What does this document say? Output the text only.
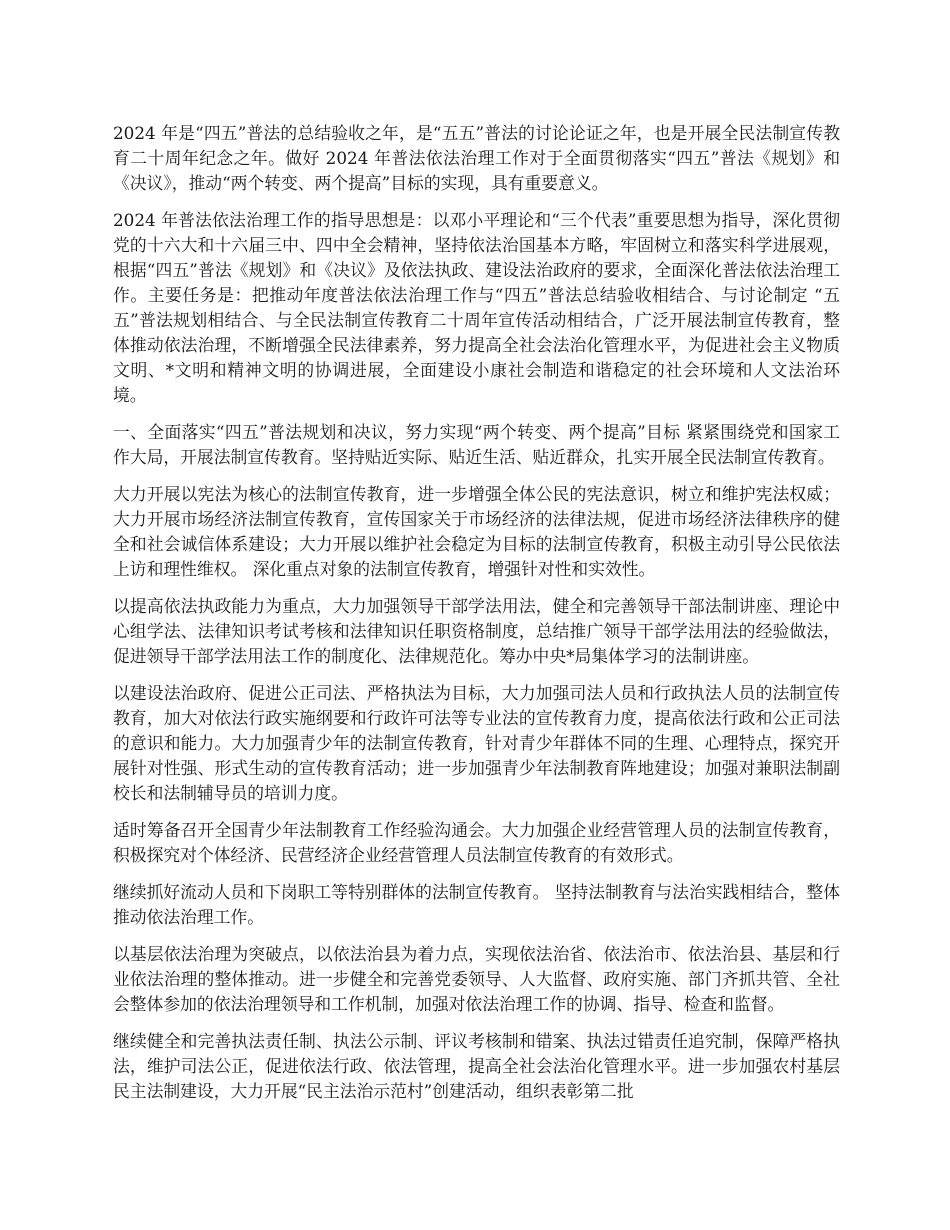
2024 年是“四五”普法的总结验收之年，是“五五”普法的讨论论证之年，也是开展全民法制宣传教育二十周年纪念之年。做好 2024 年普法依法治理工作对于全面贯彻落实“四五”普法《规划》和《决议》，推动“两个转变、两个提高”目标的实现，具有重要意义。

2024 年普法依法治理工作的指导思想是：以邓小平理论和“三个代表”重要思想为指导，深化贯彻党的十六大和十六届三中、四中全会精神，坚持依法治国基本方略，牢固树立和落实科学进展观，根据“四五”普法《规划》和《决议》及依法执政、建设法治政府的要求，全面深化普法依法治理工作。主要任务是：把推动年度普法依法治理工作与“四五”普法总结验收相结合、与讨论制定 “五五”普法规划相结合、与全民法制宣传教育二十周年宣传活动相结合，广泛开展法制宣传教育，整体推动依法治理，不断增强全民法律素养，努力提高全社会法治化管理水平，为促进社会主义物质文明、*文明和精神文明的协调进展，全面建设小康社会制造和谐稳定的社会环境和人文法治环境。

一、全面落实“四五”普法规划和决议，努力实现“两个转变、两个提高”目标 紧紧围绕党和国家工作大局，开展法制宣传教育。坚持贴近实际、贴近生活、贴近群众，扎实开展全民法制宣传教育。

大力开展以宪法为核心的法制宣传教育，进一步增强全体公民的宪法意识，树立和维护宪法权威；大力开展市场经济法制宣传教育，宣传国家关于市场经济的法律法规，促进市场经济法律秩序的健全和社会诚信体系建设；大力开展以维护社会稳定为目标的法制宣传教育，积极主动引导公民依法上访和理性维权。 深化重点对象的法制宣传教育，增强针对性和实效性。

以提高依法执政能力为重点，大力加强领导干部学法用法，健全和完善领导干部法制讲座、理论中心组学法、法律知识考试考核和法律知识任职资格制度，总结推广领导干部学法用法的经验做法，促进领导干部学法用法工作的制度化、法律规范化。筹办中央*局集体学习的法制讲座。

以建设法治政府、促进公正司法、严格执法为目标，大力加强司法人员和行政执法人员的法制宣传教育，加大对依法行政实施纲要和行政许可法等专业法的宣传教育力度，提高依法行政和公正司法的意识和能力。大力加强青少年的法制宣传教育，针对青少年群体不同的生理、心理特点，探究开展针对性强、形式生动的宣传教育活动；进一步加强青少年法制教育阵地建设；加强对兼职法制副校长和法制辅导员的培训力度。

适时筹备召开全国青少年法制教育工作经验沟通会。大力加强企业经营管理人员的法制宣传教育，积极探究对个体经济、民营经济企业经营管理人员法制宣传教育的有效形式。

继续抓好流动人员和下岗职工等特别群体的法制宣传教育。 坚持法制教育与法治实践相结合，整体推动依法治理工作。

以基层依法治理为突破点，以依法治县为着力点，实现依法治省、依法治市、依法治县、基层和行业依法治理的整体推动。进一步健全和完善党委领导、人大监督、政府实施、部门齐抓共管、全社会整体参加的依法治理领导和工作机制，加强对依法治理工作的协调、指导、检查和监督。

继续健全和完善执法责任制、执法公示制、评议考核制和错案、执法过错责任追究制，保障严格执法，维护司法公正，促进依法行政、依法管理，提高全社会法治化管理水平。进一步加强农村基层民主法制建设，大力开展“民主法治示范村”创建活动，组织表彰第二批
